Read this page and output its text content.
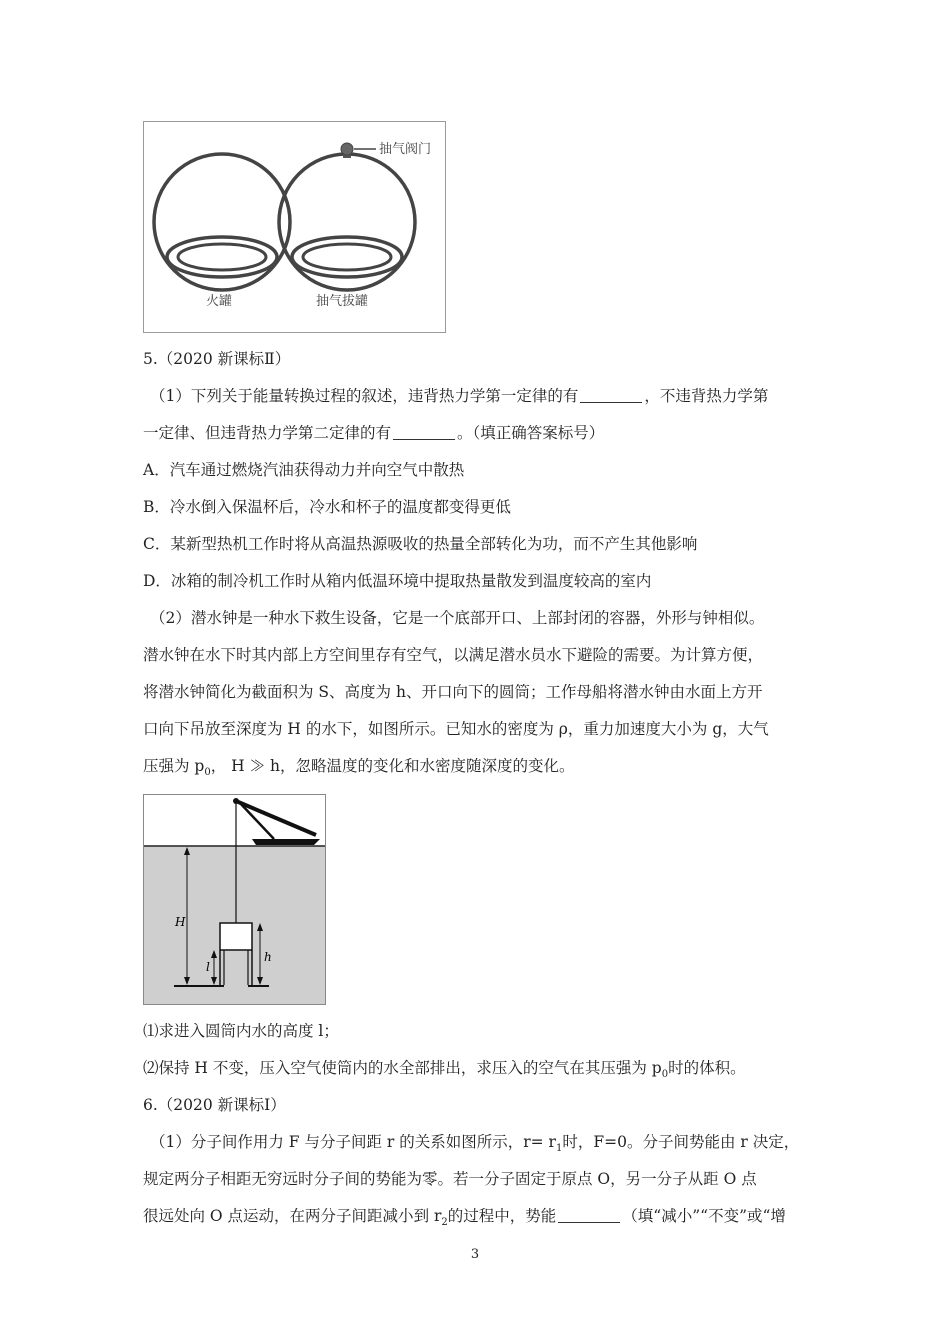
抽气阀门
火罐	抽气拔罐
5.（2020 新课标Ⅱ）
（1）下列关于能量转换过程的叙述，违背热力学第一定律的有	，不违背热力学第
一定律、但违背热力学第二定律的有	。（填正确答案标号）
A．汽车通过燃烧汽油获得动力并向空气中散热
B．冷水倒入保温杯后，冷水和杯子的温度都变得更低
C．某新型热机工作时将从高温热源吸收的热量全部转化为功，而不产生其他影响
D．冰箱的制冷机工作时从箱内低温环境中提取热量散发到温度较高的室内
（2）潜水钟是一种水下救生设备，它是一个底部开口、上部封闭的容器，外形与钟相似。
潜水钟在水下时其内部上方空间里存有空气，以满足潜水员水下避险的需要。为计算方便，
将潜水钟简化为截面积为 S、高度为 h、开口向下的圆筒；工作母船将潜水钟由水面上方开
口向下吊放至深度为 H 的水下，如图所示。已知水的密度为 ρ，重力加速度大小为 g，大气
压强为 $p_0$， H ≫ h，忽略温度的变化和水密度随深度的变化。
H
h
l
⑴求进入圆筒内水的高度 l；
⑵保持 H 不变，压入空气使筒内的水全部排出，求压入的空气在其压强为 $p_0$时的体积。
6.（2020 新课标Ⅰ）
（1）分子间作用力 F 与分子间距 r 的关系如图所示，$r= r_1$时，F=0。分子间势能由 r 决定，
规定两分子相距无穷远时分子间的势能为零。若一分子固定于原点 O，另一分子从距 O 点
很远处向 O 点运动，在两分子间距减小到 $r_2$的过程中，势能	（填“减小”“不变”或“增
3
